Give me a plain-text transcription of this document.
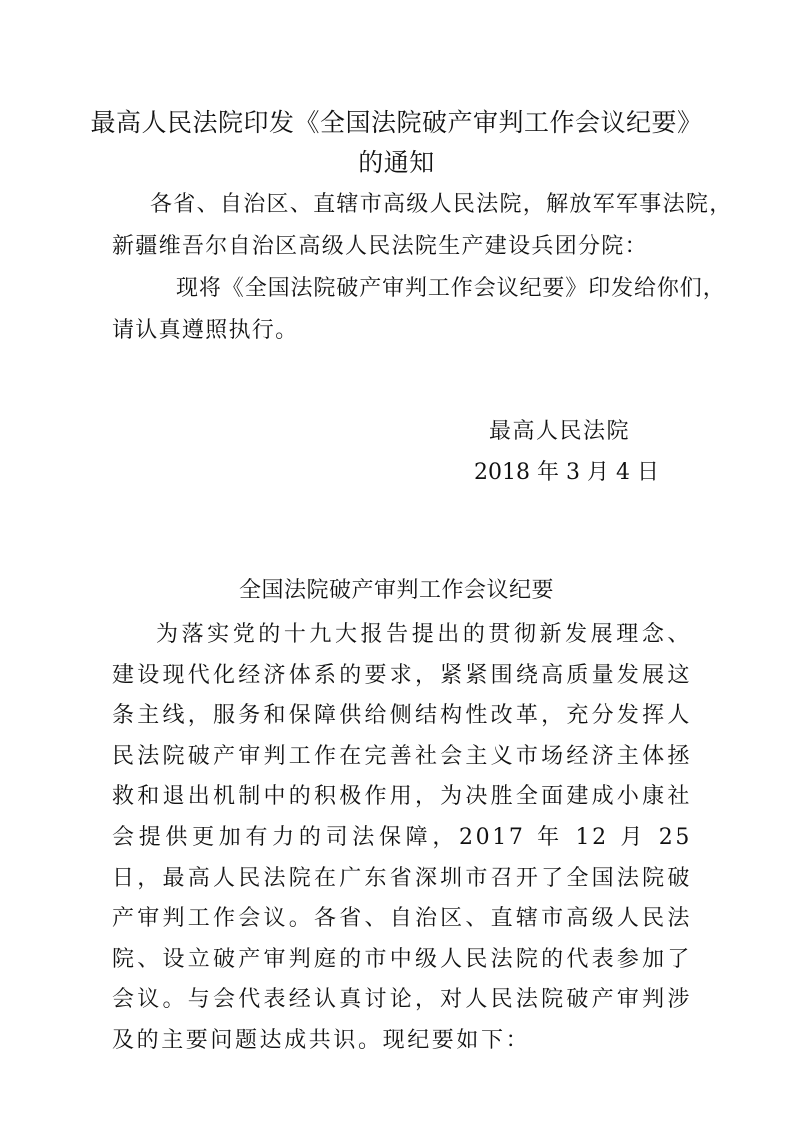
最高人民法院印发《全国法院破产审判工作会议纪要》
的通知
各省、自治区、直辖市高级人民法院，解放军军事法院，
新疆维吾尔自治区高级人民法院生产建设兵团分院：
现将《全国法院破产审判工作会议纪要》印发给你们，
请认真遵照执行。
最高人民法院
2018 年 3 月 4 日
全国法院破产审判工作会议纪要
为落实党的十九大报告提出的贯彻新发展理念、建设现代化经济体系的要求，紧紧围绕高质量发展这条主线，服务和保障供给侧结构性改革，充分发挥人民法院破产审判工作在完善社会主义市场经济主体拯救和退出机制中的积极作用，为决胜全面建成小康社会提供更加有力的司法保障，2017 年 12 月 25 日，最高人民法院在广东省深圳市召开了全国法院破产审判工作会议。各省、自治区、直辖市高级人民法院、设立破产审判庭的市中级人民法院的代表参加了会议。与会代表经认真讨论，对人民法院破产审判涉及的主要问题达成共识。现纪要如下：
